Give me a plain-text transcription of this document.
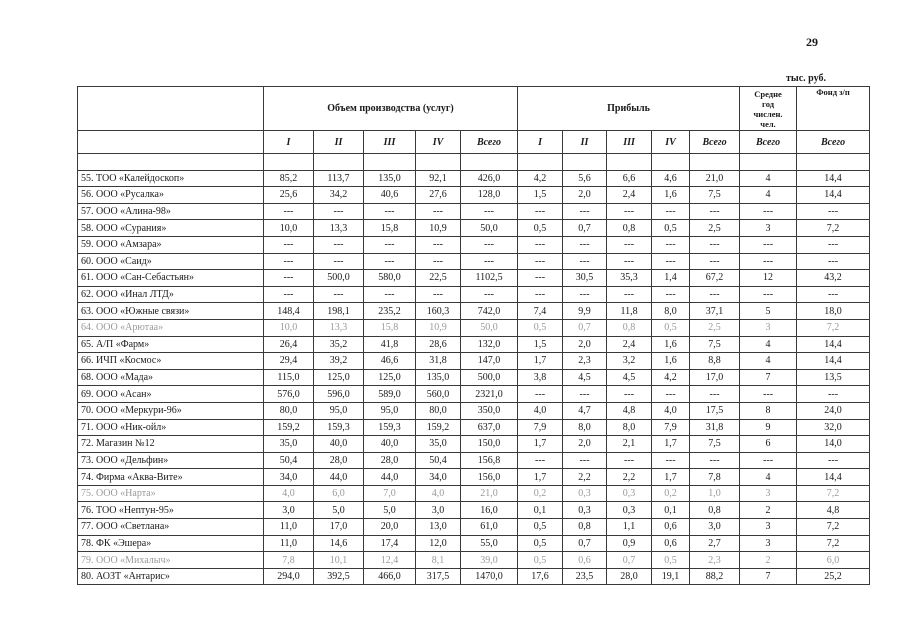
29
тыс. руб.
	Объем производства (услуг)					Прибыль					Средне
год
числен.
чел.	Фонд з/п
	I	II	III	IV	Всего	I	II	III	IV	Всего	Всего	Всего

55. ТОО «Калейдоскоп»	85,2	113,7	135,0	92,1	426,0	4,2	5,6	6,6	4,6	21,0	4	14,4
56. ООО «Русалка»	25,6	34,2	40,6	27,6	128,0	1,5	2,0	2,4	1,6	7,5	4	14,4
57. ООО «Алина-98»	---	---	---	---	---	---	---	---	---	---	---	---
58. ООО «Сурания»	10,0	13,3	15,8	10,9	50,0	0,5	0,7	0,8	0,5	2,5	3	7,2
59. ООО «Амзара»	---	---	---	---	---	---	---	---	---	---	---	---
60. ООО «Саид»	---	---	---	---	---	---	---	---	---	---	---	---
61. ООО «Сан-Себастьян»	---	500,0	580,0	22,5	1102,5	---	30,5	35,3	1,4	67,2	12	43,2
62. ООО «Инал ЛТД»	---	---	---	---	---	---	---	---	---	---	---	---
63. ООО «Южные связи»	148,4	198,1	235,2	160,3	742,0	7,4	9,9	11,8	8,0	37,1	5	18,0
64. ООО «Арютаа»	10,0	13,3	15,8	10,9	50,0	0,5	0,7	0,8	0,5	2,5	3	7,2
65. А/П «Фарм»	26,4	35,2	41,8	28,6	132,0	1,5	2,0	2,4	1,6	7,5	4	14,4
66. ИЧП «Космос»	29,4	39,2	46,6	31,8	147,0	1,7	2,3	3,2	1,6	8,8	4	14,4
68. ООО «Мада»	115,0	125,0	125,0	135,0	500,0	3,8	4,5	4,5	4,2	17,0	7	13,5
69. ООО «Асан»	576,0	596,0	589,0	560,0	2321,0	---	---	---	---	---	---	---
70. ООО «Меркури-96»	80,0	95,0	95,0	80,0	350,0	4,0	4,7	4,8	4,0	17,5	8	24,0
71. ООО «Ник-ойл»	159,2	159,3	159,3	159,2	637,0	7,9	8,0	8,0	7,9	31,8	9	32,0
72. Магазин №12	35,0	40,0	40,0	35,0	150,0	1,7	2,0	2,1	1,7	7,5	6	14,0
73. ООО «Дельфин»	50,4	28,0	28,0	50,4	156,8	---	---	---	---	---	---	---
74. Фирма «Аква-Вите»	34,0	44,0	44,0	34,0	156,0	1,7	2,2	2,2	1,7	7,8	4	14,4
75. ООО «Нарта»	4,0	6,0	7,0	4,0	21,0	0,2	0,3	0,3	0,2	1,0	3	7,2
76. ТОО «Нептун-95»	3,0	5,0	5,0	3,0	16,0	0,1	0,3	0,3	0,1	0,8	2	4,8
77. ООО «Светлана»	11,0	17,0	20,0	13,0	61,0	0,5	0,8	1,1	0,6	3,0	3	7,2
78. ФК «Эшера»	11,0	14,6	17,4	12,0	55,0	0,5	0,7	0,9	0,6	2,7	3	7,2
79. ООО «Михалыч»	7,8	10,1	12,4	8,1	39,0	0,5	0,6	0,7	0,5	2,3	2	6,0
80. АОЗТ «Антарис»	294,0	392,5	466,0	317,5	1470,0	17,6	23,5	28,0	19,1	88,2	7	25,2
